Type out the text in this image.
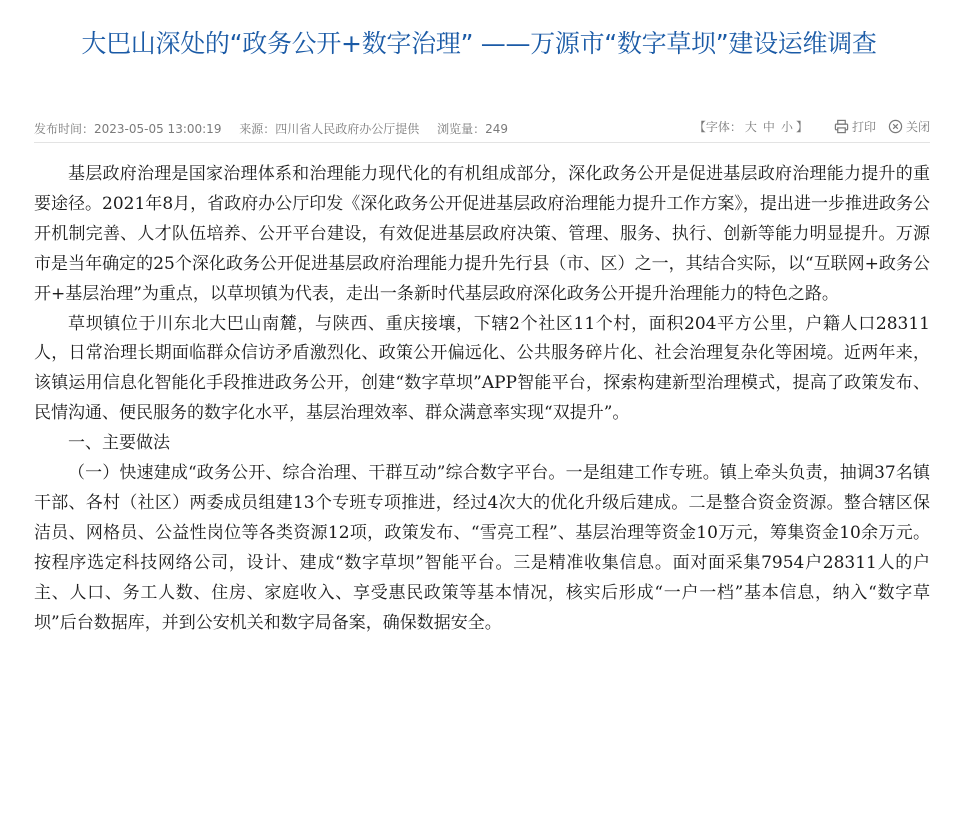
大巴山深处的“政务公开+数字治理” ——万源市“数字草坝”建设运维调查
发布时间：2023-05-05 13:00:19 来源：四川省人民政府办公厅提供 浏览量：249	【字体： 大 中 小 】	打印	关闭

基层政府治理是国家治理体系和治理能力现代化的有机组成部分，深化政务公开是促进基层政府治理能力提升的重要途径。2021年8月，省政府办公厅印发《深化政务公开促进基层政府治理能力提升工作方案》，提出进一步推进政务公开机制完善、人才队伍培养、公开平台建设，有效促进基层政府决策、管理、服务、执行、创新等能力明显提升。万源市是当年确定的25个深化政务公开促进基层政府治理能力提升先行县（市、区）之一，其结合实际，以“互联网+政务公开+基层治理”为重点，以草坝镇为代表，走出一条新时代基层政府深化政务公开提升治理能力的特色之路。

草坝镇位于川东北大巴山南麓，与陕西、重庆接壤，下辖2个社区11个村，面积204平方公里，户籍人口28311人，日常治理长期面临群众信访矛盾激烈化、政策公开偏远化、公共服务碎片化、社会治理复杂化等困境。近两年来，该镇运用信息化智能化手段推进政务公开，创建“数字草坝”APP智能平台，探索构建新型治理模式，提高了政策发布、民情沟通、便民服务的数字化水平，基层治理效率、群众满意率实现“双提升”。

一、主要做法

（一）快速建成“政务公开、综合治理、干群互动”综合数字平台。一是组建工作专班。镇上牵头负责，抽调37名镇干部、各村（社区）两委成员组建13个专班专项推进，经过4次大的优化升级后建成。二是整合资金资源。整合辖区保洁员、网格员、公益性岗位等各类资源12项，政策发布、“雪亮工程”、基层治理等资金10万元，筹集资金10余万元。按程序选定科技网络公司，设计、建成“数字草坝”智能平台。三是精准收集信息。面对面采集7954户28311人的户主、人口、务工人数、住房、家庭收入、享受惠民政策等基本情况，核实后形成“一户一档”基本信息，纳入“数字草坝”后台数据库，并到公安机关和数字局备案，确保数据安全。
